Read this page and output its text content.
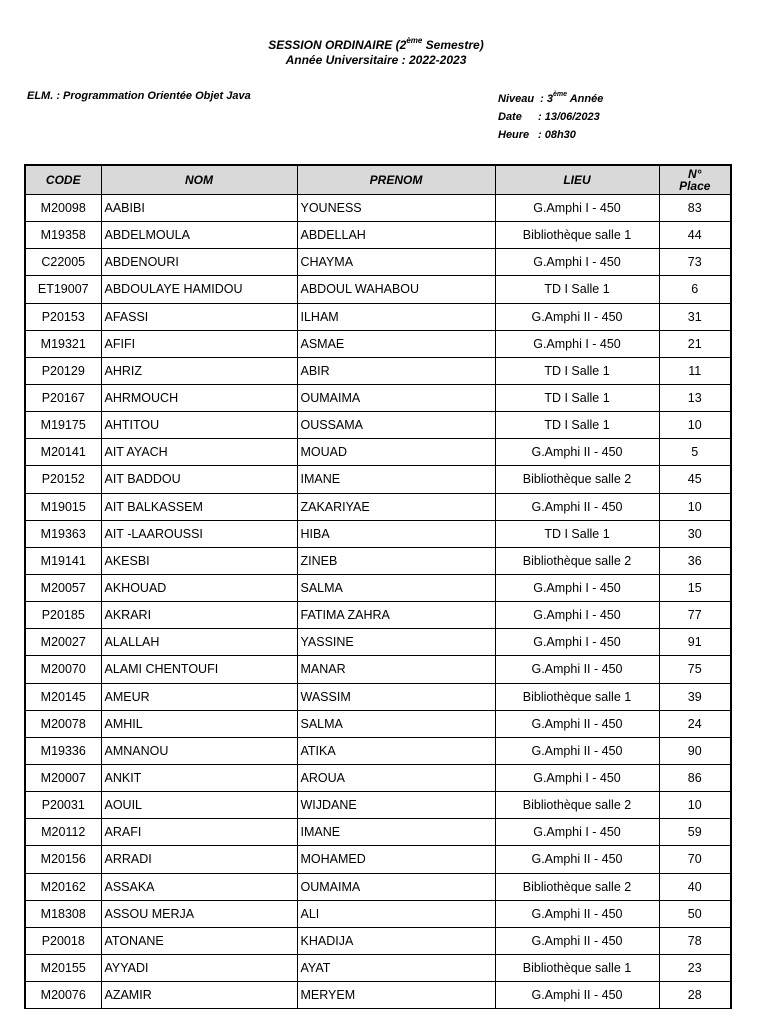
SESSION ORDINAIRE (2ème Semestre)
Année Universitaire : 2022-2023
ELM. : Programmation Orientée Objet Java	Niveau  : 3ème Année
Date : 13/06/2023
Heure : 08h30
CODE	NOM	PRENOM	LIEU	N°
Place

M20098	AABIBI	YOUNESS	G.Amphi I - 450	83
M19358	ABDELMOULA	ABDELLAH	Bibliothèque salle 1	44
C22005	ABDENOURI	CHAYMA	G.Amphi I - 450	73
ET19007	ABDOULAYE HAMIDOU	ABDOUL WAHABOU	TD I Salle 1	6
P20153	AFASSI	ILHAM	G.Amphi II - 450	31
M19321	AFIFI	ASMAE	G.Amphi I - 450	21
P20129	AHRIZ	ABIR	TD I Salle 1	11
P20167	AHRMOUCH	OUMAIMA	TD I Salle 1	13
M19175	AHTITOU	OUSSAMA	TD I Salle 1	10
M20141	AIT AYACH	MOUAD	G.Amphi II - 450	5
P20152	AIT BADDOU	IMANE	Bibliothèque salle 2	45
M19015	AIT BALKASSEM	ZAKARIYAE	G.Amphi II - 450	10
M19363	AIT -LAAROUSSI	HIBA	TD I Salle 1	30
M19141	AKESBI	ZINEB	Bibliothèque salle 2	36
M20057	AKHOUAD	SALMA	G.Amphi I - 450	15
P20185	AKRARI	FATIMA ZAHRA	G.Amphi I - 450	77
M20027	ALALLAH	YASSINE	G.Amphi I - 450	91
M20070	ALAMI CHENTOUFI	MANAR	G.Amphi II - 450	75
M20145	AMEUR	WASSIM	Bibliothèque salle 1	39
M20078	AMHIL	SALMA	G.Amphi II - 450	24
M19336	AMNANOU	ATIKA	G.Amphi II - 450	90
M20007	ANKIT	AROUA	G.Amphi I - 450	86
P20031	AOUIL	WIJDANE	Bibliothèque salle 2	10
M20112	ARAFI	IMANE	G.Amphi I - 450	59
M20156	ARRADI	MOHAMED	G.Amphi II - 450	70
M20162	ASSAKA	OUMAIMA	Bibliothèque salle 2	40
M18308	ASSOU MERJA	ALI	G.Amphi II - 450	50
P20018	ATONANE	KHADIJA	G.Amphi II - 450	78
M20155	AYYADI	AYAT	Bibliothèque salle 1	23
M20076	AZAMIR	MERYEM	G.Amphi II - 450	28
